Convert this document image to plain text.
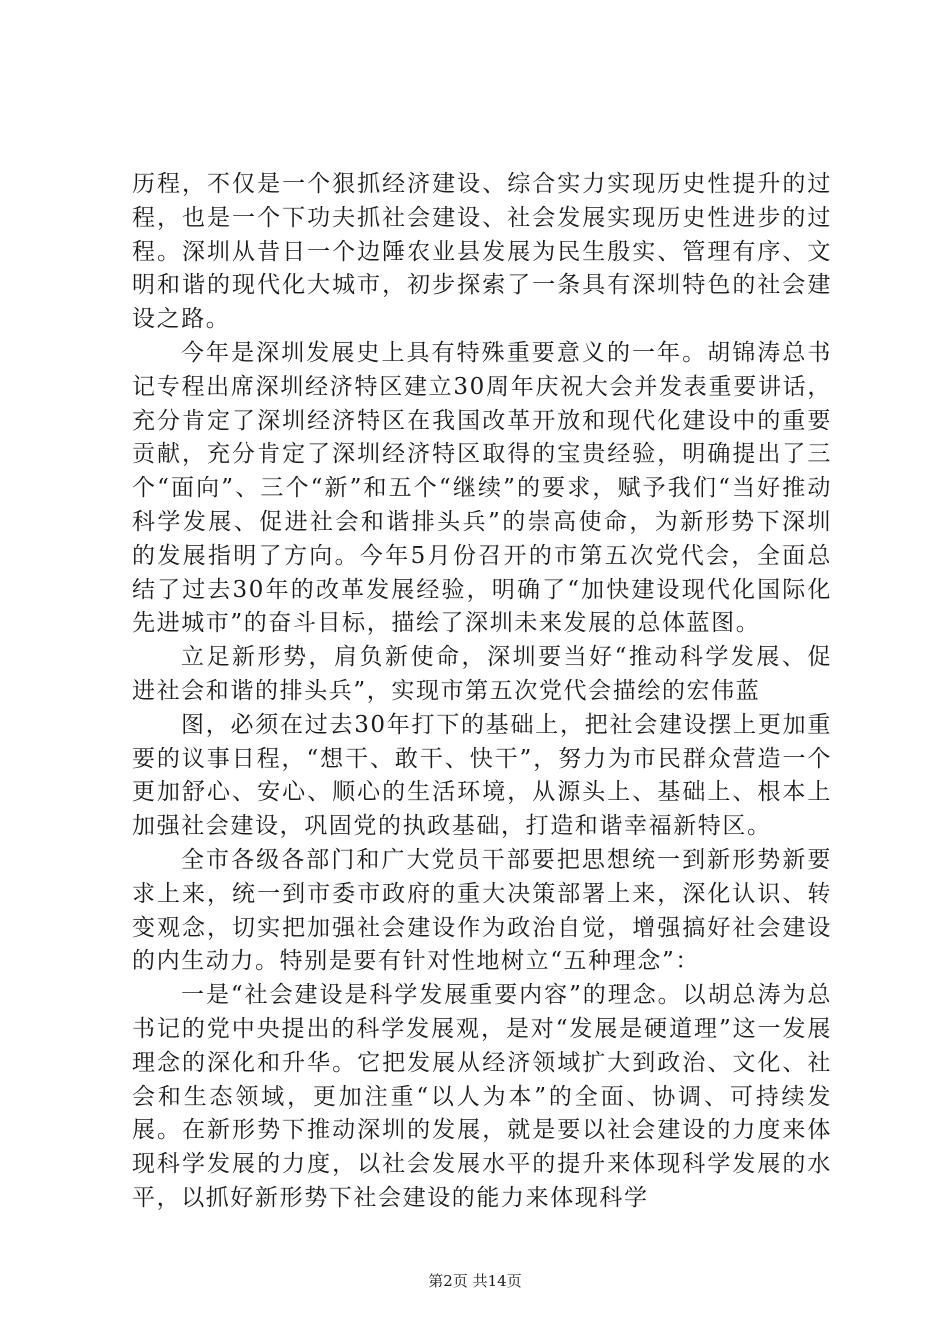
历程，不仅是一个狠抓经济建设、综合实力实现历史性提升的过程，也是一个下功夫抓社会建设、社会发展实现历史性进步的过程。深圳从昔日一个边陲农业县发展为民生殷实、管理有序、文明和谐的现代化大城市，初步探索了一条具有深圳特色的社会建设之路。

今年是深圳发展史上具有特殊重要意义的一年。胡锦涛总书记专程出席深圳经济特区建立30周年庆祝大会并发表重要讲话，充分肯定了深圳经济特区在我国改革开放和现代化建设中的重要贡献，充分肯定了深圳经济特区取得的宝贵经验，明确提出了三个“面向”、三个“新”和五个“继续”的要求，赋予我们“当好推动科学发展、促进社会和谐排头兵”的崇高使命，为新形势下深圳的发展指明了方向。今年5月份召开的市第五次党代会，全面总结了过去30年的改革发展经验，明确了“加快建设现代化国际化先进城市”的奋斗目标，描绘了深圳未来发展的总体蓝图。

立足新形势，肩负新使命，深圳要当好“推动科学发展、促进社会和谐的排头兵”，实现市第五次党代会描绘的宏伟蓝

图，必须在过去30年打下的基础上，把社会建设摆上更加重要的议事日程，“想干、敢干、快干”，努力为市民群众营造一个更加舒心、安心、顺心的生活环境，从源头上、基础上、根本上加强社会建设，巩固党的执政基础，打造和谐幸福新特区。

全市各级各部门和广大党员干部要把思想统一到新形势新要求上来，统一到市委市政府的重大决策部署上来，深化认识、转变观念，切实把加强社会建设作为政治自觉，增强搞好社会建设的内生动力。特别是要有针对性地树立“五种理念”：

一是“社会建设是科学发展重要内容”的理念。以胡总涛为总书记的党中央提出的科学发展观，是对“发展是硬道理”这一发展理念的深化和升华。它把发展从经济领域扩大到政治、文化、社会和生态领域，更加注重“以人为本”的全面、协调、可持续发展。在新形势下推动深圳的发展，就是要以社会建设的力度来体现科学发展的力度，以社会发展水平的提升来体现科学发展的水平，以抓好新形势下社会建设的能力来体现科学

第2页 共14页
